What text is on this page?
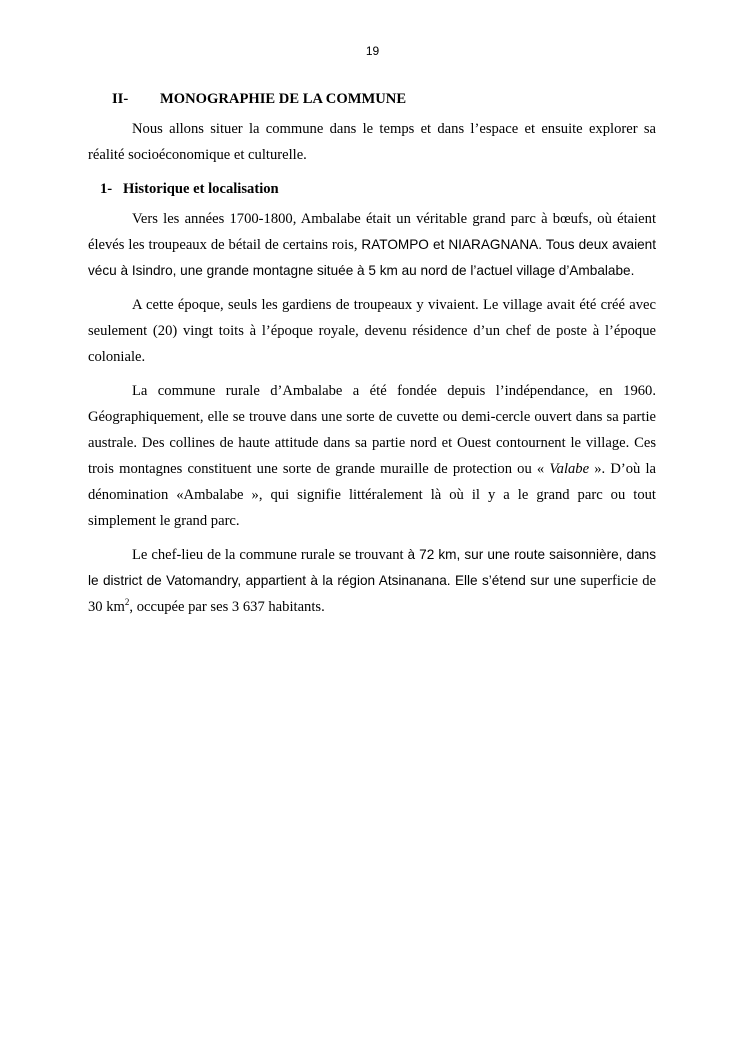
19
II- MONOGRAPHIE DE LA COMMUNE

Nous allons situer la commune dans le temps et dans l’espace et ensuite explorer sa réalité socioéconomique et culturelle.

1- Historique et localisation

Vers les années 1700-1800, Ambalabe était un véritable grand parc à bœufs, où étaient élevés les troupeaux de bétail de certains rois, RATOMPO et NIARAGNANA. Tous deux avaient vécu à Isindro, une grande montagne située à 5 km au nord de l’actuel village d’Ambalabe.

A cette époque, seuls les gardiens de troupeaux y vivaient. Le village avait été créé avec seulement (20) vingt toits à l’époque royale, devenu résidence d’un chef de poste à l’époque coloniale.

La commune rurale d’Ambalabe a été fondée depuis l’indépendance, en 1960. Géographiquement, elle se trouve dans une sorte de cuvette ou demi-cercle ouvert dans sa partie australe. Des collines de haute attitude dans sa partie nord et Ouest contournent le village. Ces trois montagnes constituent une sorte de grande muraille de protection ou « Valabe ». D’où la dénomination «Ambalabe », qui signifie littéralement là où il y a le grand parc ou tout simplement le grand parc.

Le chef-lieu de la commune rurale se trouvant à 72 km, sur une route saisonnière, dans le district de Vatomandry, appartient à la région Atsinanana. Elle s’étend sur une superficie de 30 $km^2$, occupée par ses 3 637 habitants.
